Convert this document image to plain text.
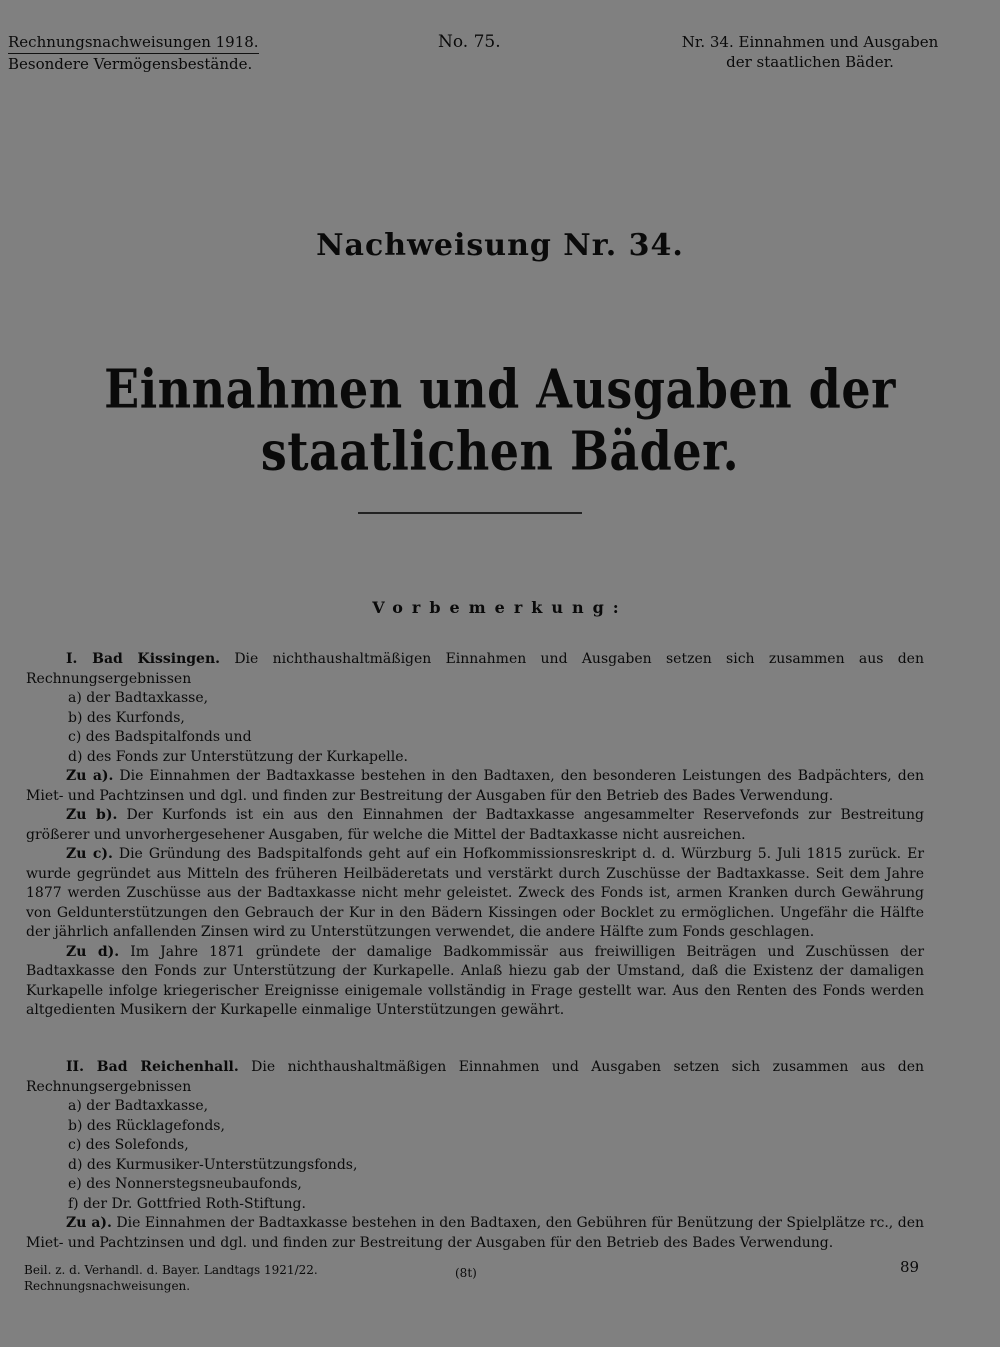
Rechnungsnachweisungen 1918.
Besondere Vermögensbestände.
No. 75.	Nr. 34. Einnahmen und Ausgaben
der staatlichen Bäder.
Nachweisung Nr. 34.
Einnahmen und Ausgaben der staatlichen Bäder.
Vorbemerkung:

I. Bad Kissingen. Die nichthaushaltmäßigen Einnahmen und Ausgaben setzen sich zusammen aus den Rechnungsergebnissen

a) der Badtaxkasse,
b) des Kurfonds,
c) des Badspitalfonds und
d) des Fonds zur Unterstützung der Kurkapelle.

Zu a). Die Einnahmen der Badtaxkasse bestehen in den Badtaxen, den besonderen Leistungen des Badpächters, den Miet- und Pachtzinsen und dgl. und finden zur Bestreitung der Ausgaben für den Betrieb des Bades Verwendung.

Zu b). Der Kurfonds ist ein aus den Einnahmen der Badtaxkasse angesammelter Reservefonds zur Bestreitung größerer und unvorhergesehener Ausgaben, für welche die Mittel der Badtaxkasse nicht ausreichen.

Zu c). Die Gründung des Badspitalfonds geht auf ein Hofkommissionsreskript d. d. Würzburg 5. Juli 1815 zurück. Er wurde gegründet aus Mitteln des früheren Heilbäderetats und verstärkt durch Zuschüsse der Badtaxkasse. Seit dem Jahre 1877 werden Zuschüsse aus der Badtaxkasse nicht mehr geleistet. Zweck des Fonds ist, armen Kranken durch Gewährung von Geldunterstützungen den Gebrauch der Kur in den Bädern Kissingen oder Bocklet zu ermöglichen. Ungefähr die Hälfte der jährlich anfallenden Zinsen wird zu Unterstützungen verwendet, die andere Hälfte zum Fonds geschlagen.

Zu d). Im Jahre 1871 gründete der damalige Badkommissär aus freiwilligen Beiträgen und Zuschüssen der Badtaxkasse den Fonds zur Unterstützung der Kurkapelle. Anlaß hiezu gab der Umstand, daß die Existenz der damaligen Kurkapelle infolge kriegerischer Ereignisse einigemale vollständig in Frage gestellt war. Aus den Renten des Fonds werden altgedienten Musikern der Kurkapelle einmalige Unterstützungen gewährt.

II. Bad Reichenhall. Die nichthaushaltmäßigen Einnahmen und Ausgaben setzen sich zusammen aus den Rechnungsergebnissen

a) der Badtaxkasse,
b) des Rücklagefonds,
c) des Solefonds,
d) des Kurmusiker-Unterstützungsfonds,
e) des Nonnerstegsneubaufonds,
f) der Dr. Gottfried Roth-Stiftung.

Zu a). Die Einnahmen der Badtaxkasse bestehen in den Badtaxen, den Gebühren für Benützung der Spielplätze rc., den Miet- und Pachtzinsen und dgl. und finden zur Bestreitung der Ausgaben für den Betrieb des Bades Verwendung.

Beil. z. d. Verhandl. d. Bayer. Landtags 1921/22.
Rechnungsnachweisungen.
(8t)	89
